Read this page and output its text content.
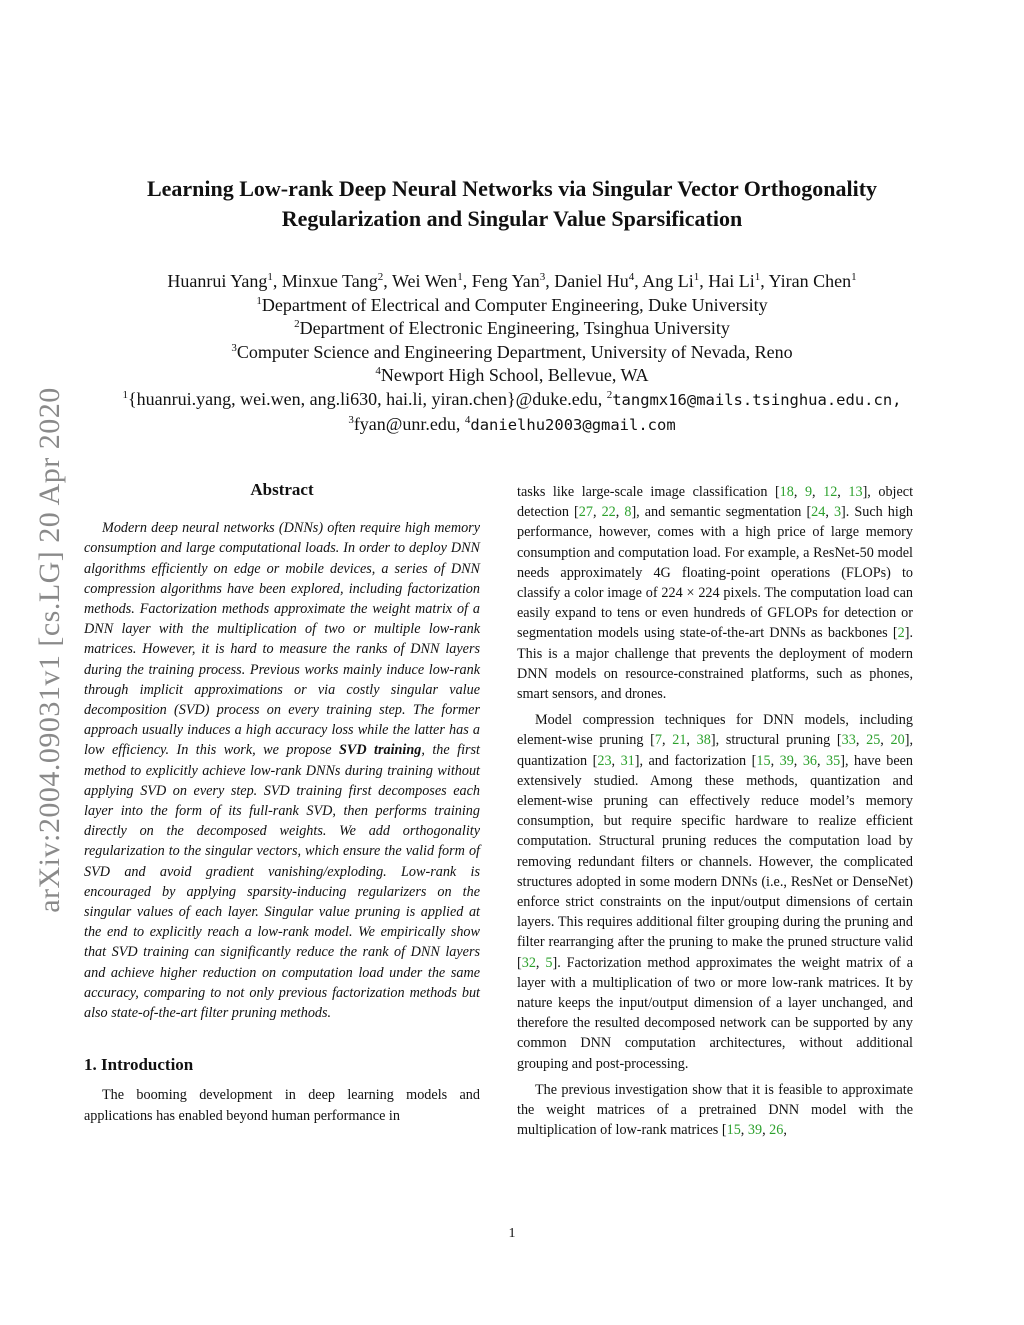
arXiv:2004.09031v1 [cs.LG] 20 Apr 2020
Learning Low-rank Deep Neural Networks via Singular Vector Orthogonality
Regularization and Singular Value Sparsification
Huanrui Yang$^1$, Minxue Tang$^2$, Wei Wen$^1$, Feng Yan$^3$, Daniel Hu$^4$, Ang Li$^1$, Hai Li$^1$, Yiran Chen$^1$
$^1$Department of Electrical and Computer Engineering, Duke University
$^2$Department of Electronic Engineering, Tsinghua University
$^3$Computer Science and Engineering Department, University of Nevada, Reno
$^4$Newport High School, Bellevue, WA
$^1${huanrui.yang, wei.wen, ang.li630, hai.li, yiran.chen}@duke.edu, $^2$tangmx16@mails.tsinghua.edu.cn,
$^3$fyan@unr.edu, $^4$danielhu2003@gmail.com
Abstract

Modern deep neural networks (DNNs) often require high memory consumption and large computational loads. In order to deploy DNN algorithms efficiently on edge or mobile devices, a series of DNN compression algorithms have been explored, including factorization methods. Factorization methods approximate the weight matrix of a DNN layer with the multiplication of two or multiple low-rank matrices. However, it is hard to measure the ranks of DNN layers during the training process. Previous works mainly induce low-rank through implicit approximations or via costly singular value decomposition (SVD) process on every training step. The former approach usually induces a high accuracy loss while the latter has a low efficiency. In this work, we propose SVD training, the first method to explicitly achieve low-rank DNNs during training without applying SVD on every step. SVD training first decomposes each layer into the form of its full-rank SVD, then performs training directly on the decomposed weights. We add orthogonality regularization to the singular vectors, which ensure the valid form of SVD and avoid gradient vanishing/exploding. Low-rank is encouraged by applying sparsity-inducing regularizers on the singular values of each layer. Singular value pruning is applied at the end to explicitly reach a low-rank model. We empirically show that SVD training can significantly reduce the rank of DNN layers and achieve higher reduction on computation load under the same accuracy, comparing to not only previous factorization methods but also state-of-the-art filter pruning methods.

1. Introduction

The booming development in deep learning models and applications has enabled beyond human performance in

tasks like large-scale image classification [18, 9, 12, 13], object detection [27, 22, 8], and semantic segmentation [24, 3]. Such high performance, however, comes with a high price of large memory consumption and computation load. For example, a ResNet-50 model needs approximately 4G floating-point operations (FLOPs) to classify a color image of 224 × 224 pixels. The computation load can easily expand to tens or even hundreds of GFLOPs for detection or segmentation models using state-of-the-art DNNs as backbones [2]. This is a major challenge that prevents the deployment of modern DNN models on resource-constrained platforms, such as phones, smart sensors, and drones.

Model compression techniques for DNN models, including element-wise pruning [7, 21, 38], structural pruning [33, 25, 20], quantization [23, 31], and factorization [15, 39, 36, 35], have been extensively studied. Among these methods, quantization and element-wise pruning can effectively reduce model’s memory consumption, but require specific hardware to realize efficient computation. Structural pruning reduces the computation load by removing redundant filters or channels. However, the complicated structures adopted in some modern DNNs (i.e., ResNet or DenseNet) enforce strict constraints on the input/output dimensions of certain layers. This requires additional filter grouping during the pruning and filter rearranging after the pruning to make the pruned structure valid [32, 5]. Factorization method approximates the weight matrix of a layer with a multiplication of two or more low-rank matrices. It by nature keeps the input/output dimension of a layer unchanged, and therefore the resulted decomposed network can be supported by any common DNN computation architectures, without additional grouping and post-processing.

The previous investigation show that it is feasible to approximate the weight matrices of a pretrained DNN model with the multiplication of low-rank matrices [15, 39, 26,

1
